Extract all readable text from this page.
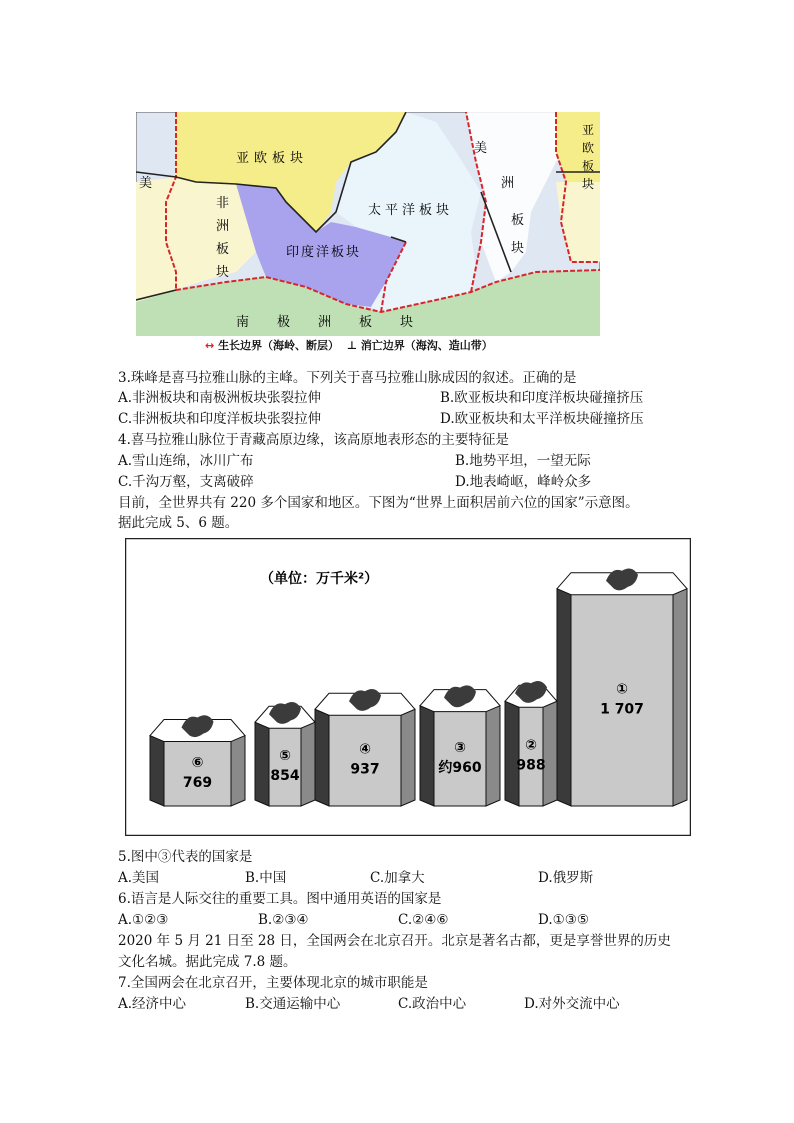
亚欧板块
非
洲
板
块
印度洋板块
太平洋板块
美
洲
板
块
美
亚
欧
板
块
南极洲板块
↔ 生长边界（海岭、断层） ⊥ 消亡边界（海沟、造山带）
3.珠峰是喜马拉雅山脉的主峰。下列关于喜马拉雅山脉成因的叙述。正确的是
A.非洲板块和南极洲板块张裂拉伸	B.欧亚板块和印度洋板块碰撞挤压
C.非洲板块和印度洋板块张裂拉伸	D.欧亚板块和太平洋板块碰撞挤压
4.喜马拉雅山脉位于青藏高原边缘，该高原地表形态的主要特征是
A.雪山连绵，冰川广布	B.地势平坦，一望无际
C.千沟万壑，支离破碎	D.地表崎岖，峰岭众多
目前，全世界共有 220 多个国家和地区。下图为“世界上面积居前六位的国家”示意图。
据此完成 5、6 题。
（单位：万千米²）
⑥
769
⑤
854
④
937
③
约960
②
988
①
1 707
5.图中③代表的国家是
A.美国	B.中国	C.加拿大	D.俄罗斯
6.语言是人际交往的重要工具。图中通用英语的国家是
A.①②③	B.②③④	C.②④⑥	D.①③⑤
2020 年 5 月 21 日至 28 日，全国两会在北京召开。北京是著名古都，更是享誉世界的历史
文化名城。据此完成 7.8 题。
7.全国两会在北京召开，主要体现北京的城市职能是
A.经济中心	B.交通运输中心	C.政治中心	D.对外交流中心
